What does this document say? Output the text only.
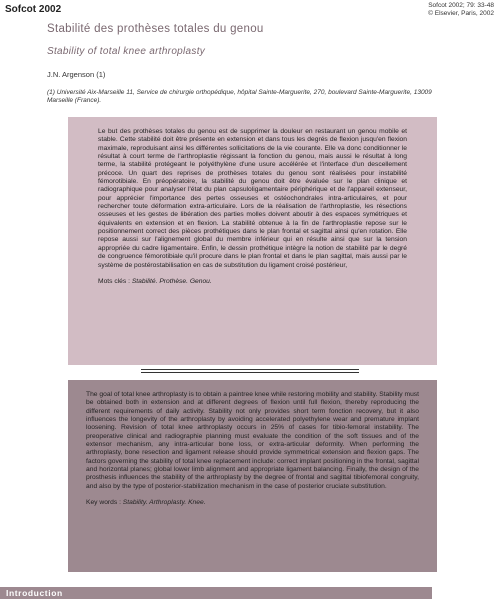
Sofcot 2002	Sofcot 2002; 79: 33-48
© Elsevier, Paris, 2002
Stabilité des prothèses totales du genou
Stability of total knee arthroplasty
J.N. Argenson (1)
(1) Université Aix-Marseille 11, Service de chirurgie orthopédique, hôpital Sainte-Marguerite, 270, boulevard Sainte-Marguerite, 13009 Marseille (France).

Le but des prothèses totales du genou est de supprimer la douleur en restaurant un genou mobile et stable. Cette stabilité doit être présente en extension et dans tous les degrés de flexion jusqu'en flexion maximale, reproduisant ainsi les différentes sollicitations de la vie courante. Elle va donc conditionner le résultat à court terme de l'arthroplastie régissant la fonction du genou, mais aussi le résultat à long terme, la stabilité protégeant le polyéthylène d'une usure accélérée et l'interface d'un descellement précoce. Un quart des reprises de prothèses totales du genou sont réalisées pour instabilité fémorotibiale. En préopératoire, la stabilité du genou doit être évaluée sur le plan clinique et radiographique pour analyser l'état du plan capsuloligamentaire périphérique et de l'appareil extenseur, pour apprécier l'importance des pertes osseuses et ostéochondrales intra-articulaires, et pour rechercher toute déformation extra-articulaire. Lors de la réalisation de l'arthroplastie, les résections osseuses et les gestes de libération des parties molles doivent aboutir à des espaces symétriques et équivalents en extension et en flexion. La stabilité obtenue à la fin de l'arthroplastie repose sur le positionnement correct des pièces prothétiques dans le plan frontal et sagittal ainsi qu'en rotation. Elle repose aussi sur l'alignement global du membre inférieur qui en résulte ainsi que sur la tension appropriée du cadre ligamentaire. Enfin, le dessin prothétique intègre la notion de stabilité par le degré de congruence fémorotibiale qu'il procure dans le plan frontal et dans le plan sagittal, mais aussi par le système de postérostabilisation en cas de substitution du ligament croisé postérieur,

Mots clés : Stabilité. Prothèse. Genou.

The goal of total knee arthroplasty is to obtain a paintree knee while restoring mobility and stability. Stability must be obtained both in extension and at different degrees of flexion until full flexion, thereby reproducing the different requirements of daily activity. Stability not only provides short term fonction recovery, but it also influences the longevity of the arthroplasty by avoiding accelerated polyethylene wear and premature implant loosening. Revision of total knee arthroplasty occurs in 25% of cases for tibio-femoral instability. The preoperative clinical and radiographie planning must evaluate the condition of the soft tissues and of the extensor mechanism, any intra-articular bone loss, or extra-articular deformity. When performing the arthroplasty, bone resection and ligament release should provide symmetrical extension and flexion gaps. The factors governing the stability of total knee replacement include: correct implant positioning in the frontal, sagittal and horizontal planes; global lower limb alignment and appropriate ligament balancing. Finally, the design of the prosthesis influences the stability of the arthroplasty by the degree of frontal and sagittal tibiofemoral congruity, and also by the type of posterior-stabilization mechanism in the case of posterior cruciate substitution.

Key words : Stability. Arthroplasty. Knee.

Introduction
